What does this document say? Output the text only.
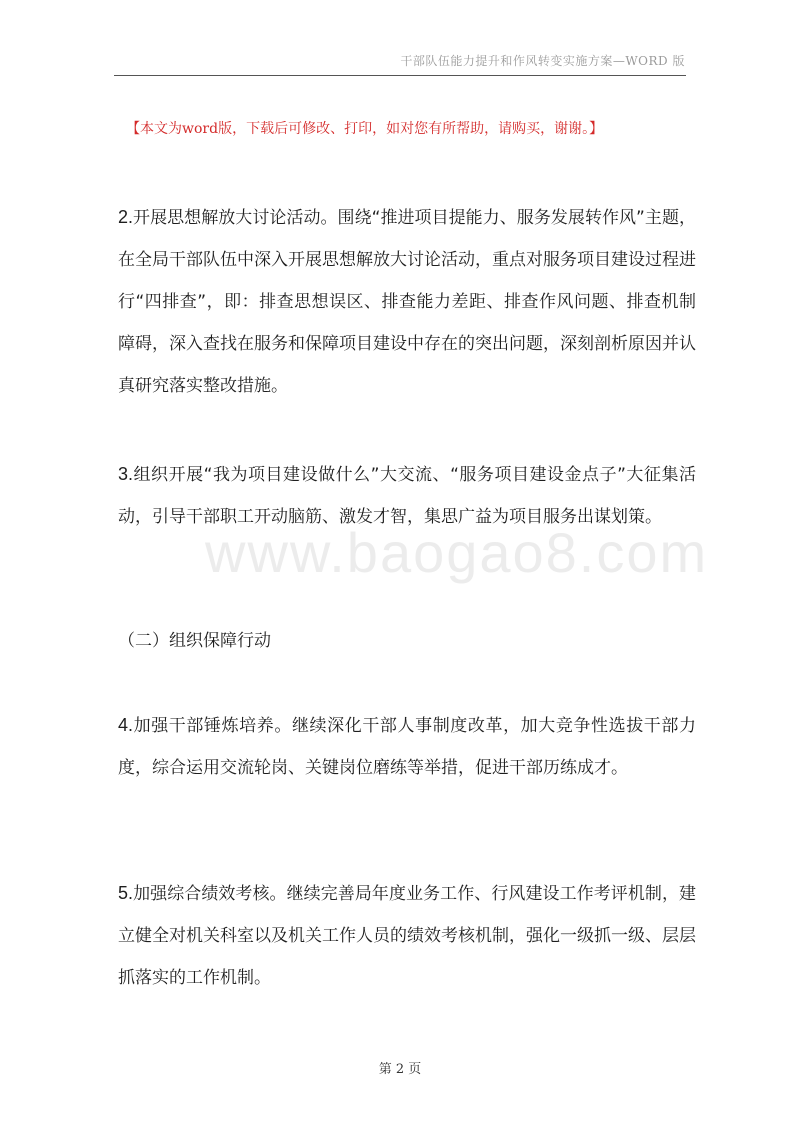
干部队伍能力提升和作风转变实施方案—WORD 版
【本文为word版，下载后可修改、打印，如对您有所帮助，请购买，谢谢。】
2.开展思想解放大讨论活动。围绕“推进项目提能力、服务发展转作风”主题，在全局干部队伍中深入开展思想解放大讨论活动，重点对服务项目建设过程进行“四排查”，即：排查思想误区、排查能力差距、排查作风问题、排查机制障碍，深入查找在服务和保障项目建设中存在的突出问题，深刻剖析原因并认真研究落实整改措施。
3.组织开展“我为项目建设做什么”大交流、“服务项目建设金点子”大征集活动，引导干部职工开动脑筋、激发才智，集思广益为项目服务出谋划策。
（二）组织保障行动
4.加强干部锤炼培养。继续深化干部人事制度改革，加大竞争性选拔干部力度，综合运用交流轮岗、关键岗位磨练等举措，促进干部历练成才。
5.加强综合绩效考核。继续完善局年度业务工作、行风建设工作考评机制，建立健全对机关科室以及机关工作人员的绩效考核机制，强化一级抓一级、层层抓落实的工作机制。
www.baogao8.com
第 2 页
